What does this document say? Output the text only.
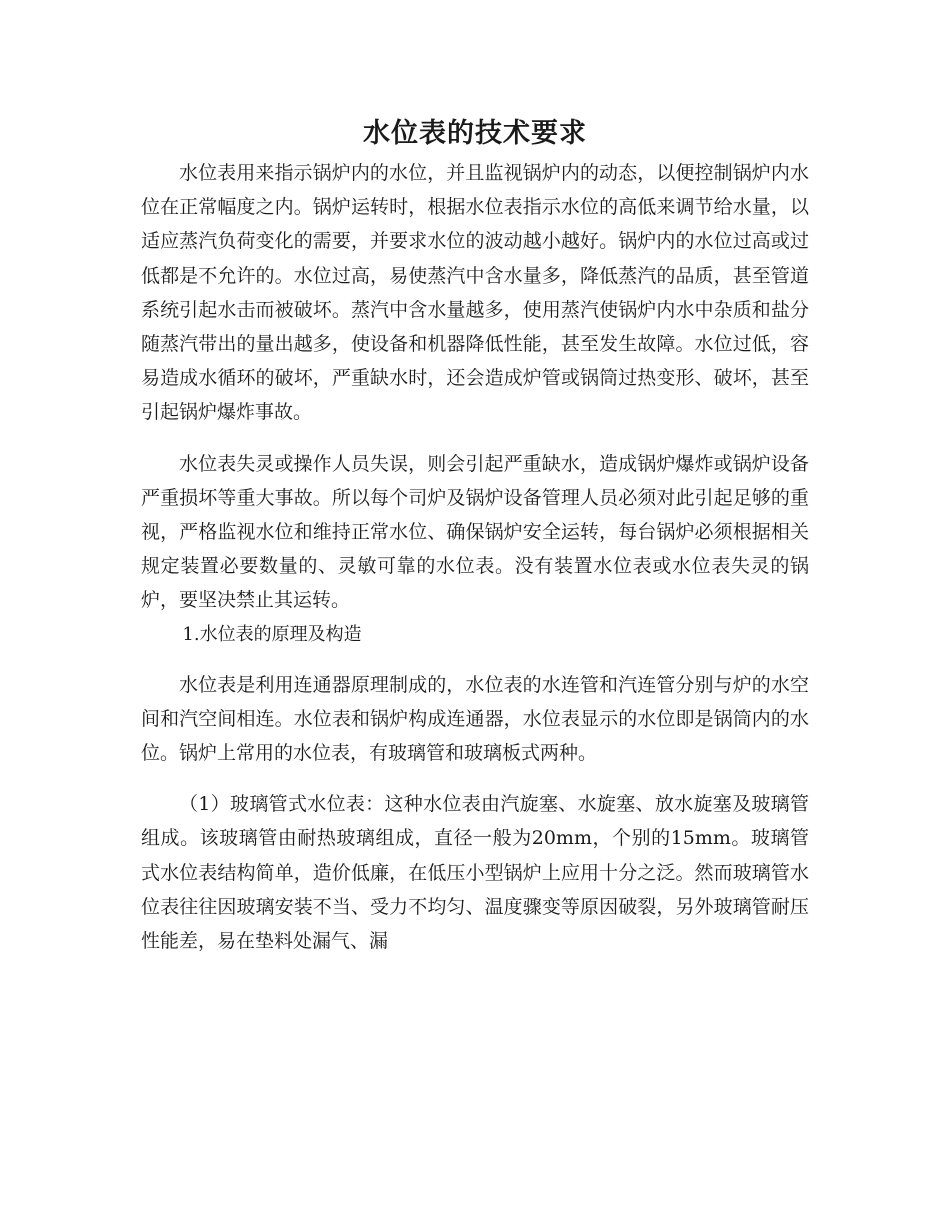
水位表的技术要求

水位表用来指示锅炉内的水位，并且监视锅炉内的动态，以便控制锅炉内水位在正常幅度之内。锅炉运转时，根据水位表指示水位的高低来调节给水量，以适应蒸汽负荷变化的需要，并要求水位的波动越小越好。锅炉内的水位过高或过低都是不允许的。水位过高，易使蒸汽中含水量多，降低蒸汽的品质，甚至管道系统引起水击而被破坏。蒸汽中含水量越多，使用蒸汽使锅炉内水中杂质和盐分随蒸汽带出的量出越多，使设备和机器降低性能，甚至发生故障。水位过低，容易造成水循环的破坏，严重缺水时，还会造成炉管或锅筒过热变形、破坏，甚至引起锅炉爆炸事故。

水位表失灵或操作人员失误，则会引起严重缺水，造成锅炉爆炸或锅炉设备严重损坏等重大事故。所以每个司炉及锅炉设备管理人员必须对此引起足够的重视，严格监视水位和维持正常水位、确保锅炉安全运转，每台锅炉必须根据相关规定装置必要数量的、灵敏可靠的水位表。没有装置水位表或水位表失灵的锅炉，要坚决禁止其运转。

1.水位表的原理及构造

水位表是利用连通器原理制成的，水位表的水连管和汽连管分别与炉的水空间和汽空间相连。水位表和锅炉构成连通器，水位表显示的水位即是锅筒内的水位。锅炉上常用的水位表，有玻璃管和玻璃板式两种。

（1）玻璃管式水位表：这种水位表由汽旋塞、水旋塞、放水旋塞及玻璃管组成。该玻璃管由耐热玻璃组成，直径一般为20mm，个别的15mm。玻璃管式水位表结构简单，造价低廉，在低压小型锅炉上应用十分之泛。然而玻璃管水位表往往因玻璃安装不当、受力不均匀、温度骤变等原因破裂，另外玻璃管耐压性能差，易在垫料处漏气、漏
